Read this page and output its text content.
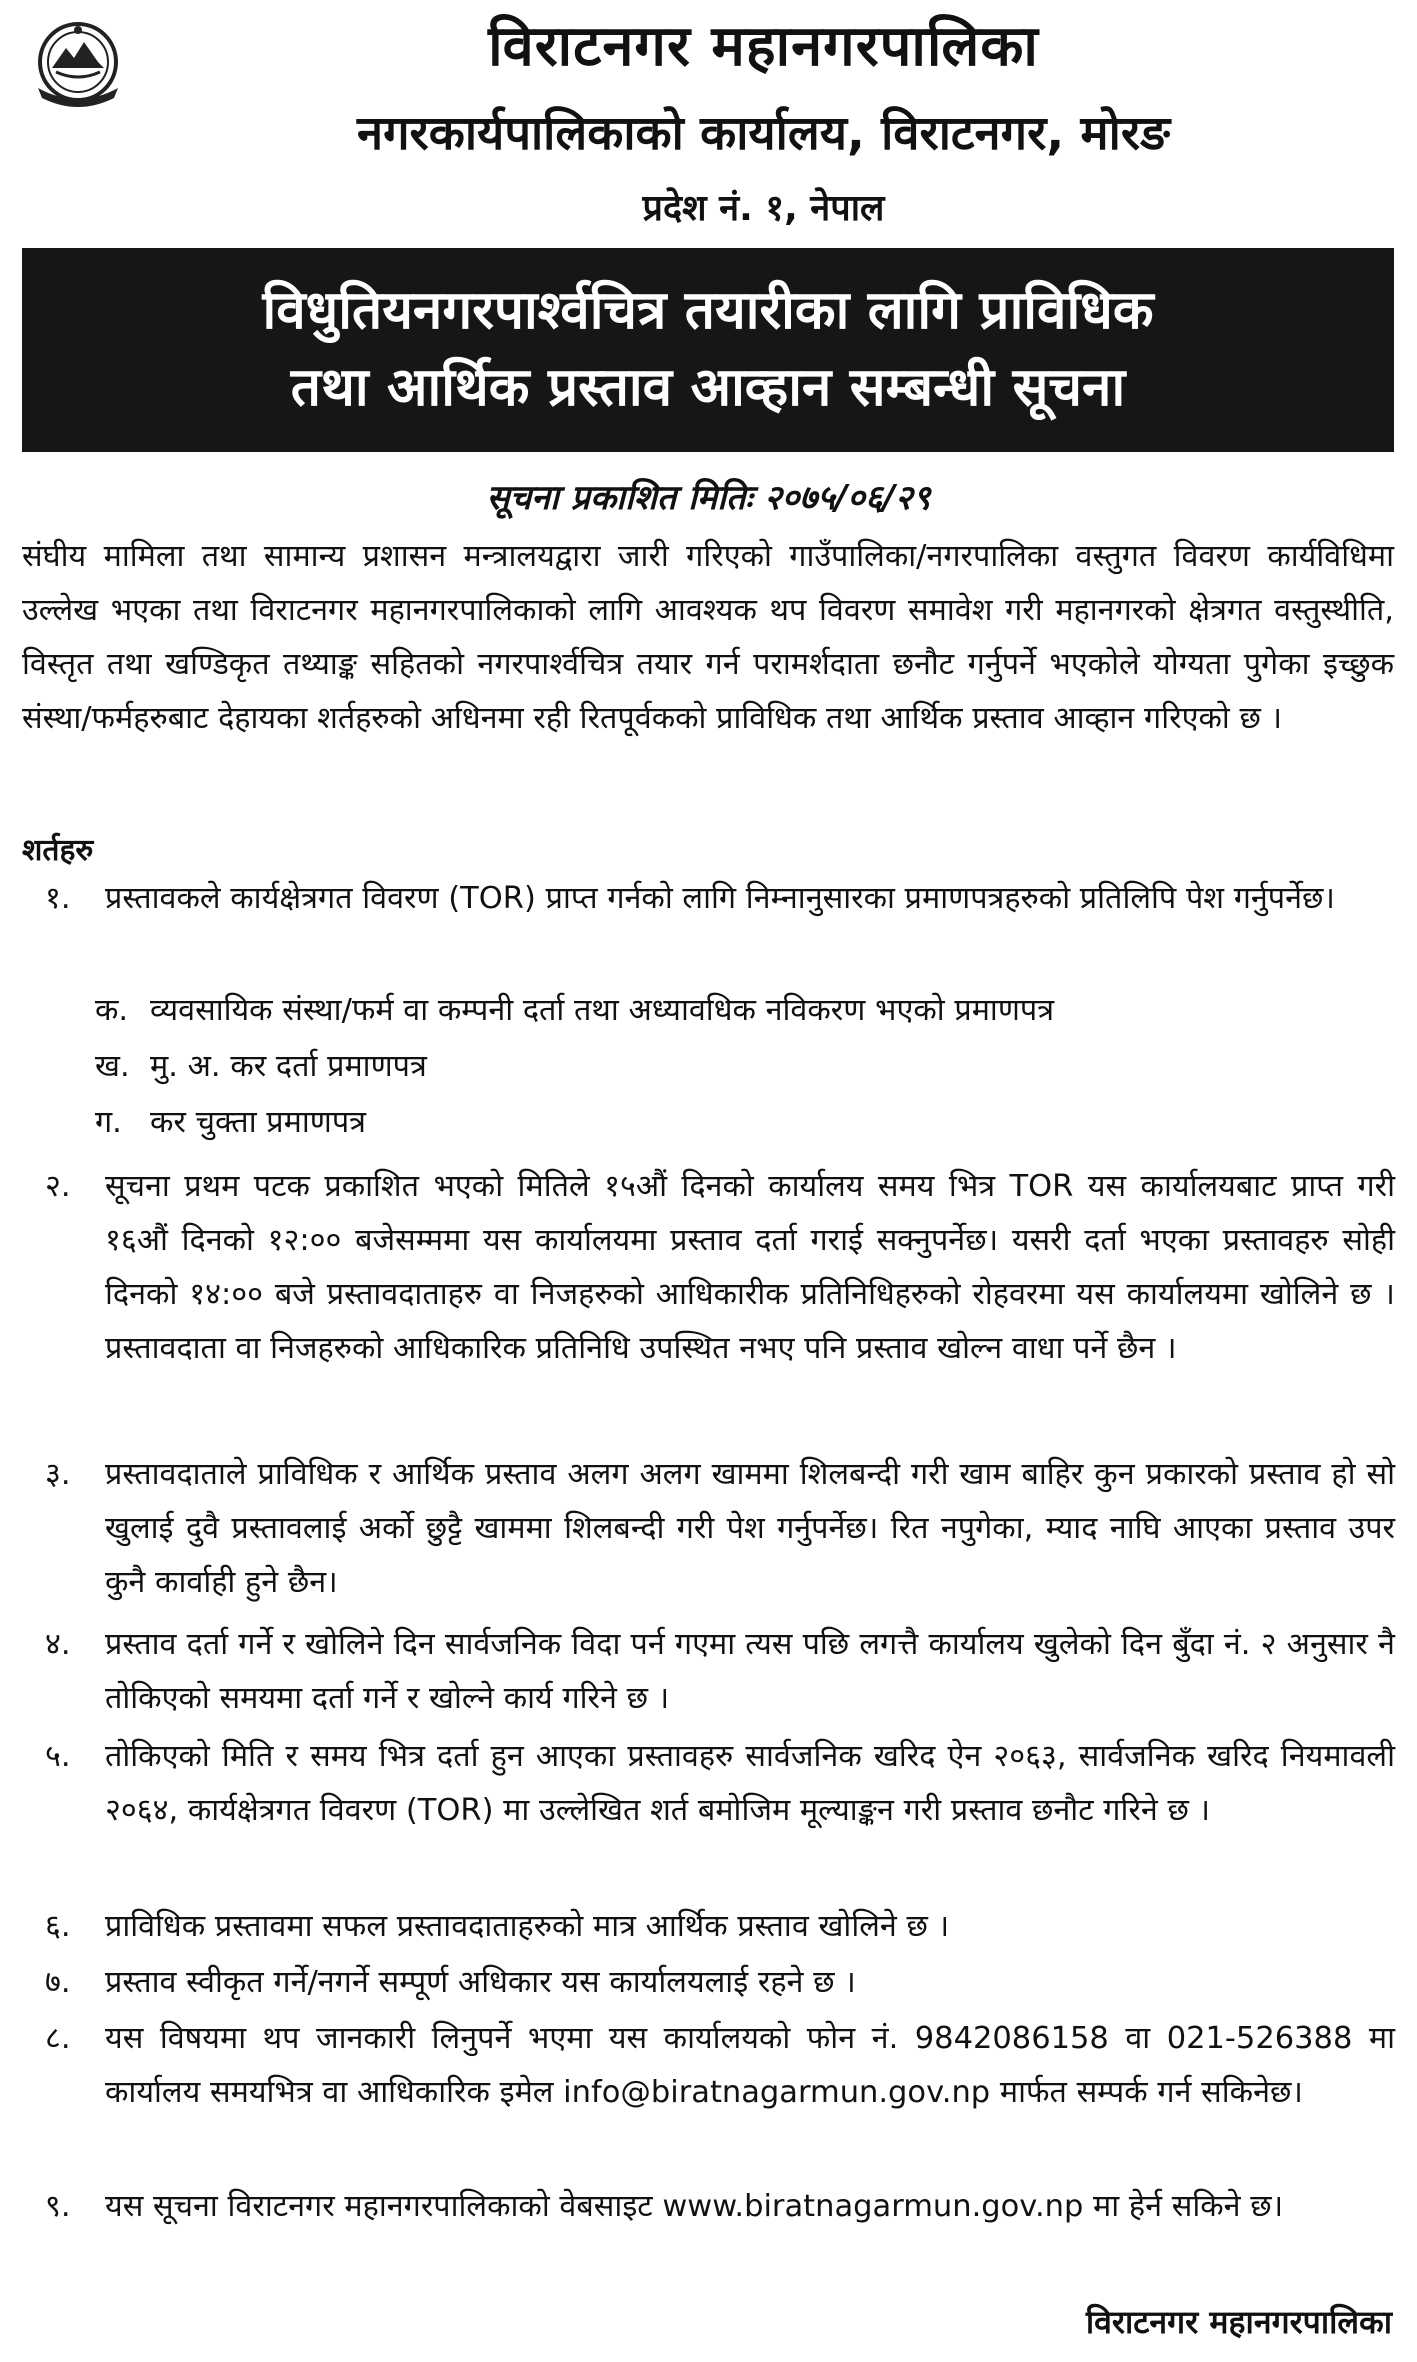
विराटनगर महानगरपालिका
नगरकार्यपालिकाको कार्यालय, विराटनगर, मोरङ
प्रदेश नं. १, नेपाल
विधुतियनगरपार्श्वचित्र तयारीका लागि प्राविधिक
तथा आर्थिक प्रस्ताव आव्हान सम्बन्धी सूचना
सूचना प्रकाशित मितिः २०७५/०६/२९
संघीय मामिला तथा सामान्य प्रशासन मन्त्रालयद्वारा जारी गरिएको गाउँपालिका/नगरपालिका वस्तुगत विवरण कार्यविधिमा उल्लेख भएका तथा विराटनगर महानगरपालिकाको लागि आवश्यक थप विवरण समावेश गरी महानगरको क्षेत्रगत वस्तुस्थीति, विस्तृत तथा खण्डिकृत तथ्याङ्क सहितको नगरपार्श्वचित्र तयार गर्न परामर्शदाता छनौट गर्नुपर्ने भएकोले योग्यता पुगेका इच्छुक संस्था/फर्महरुबाट देहायका शर्तहरुको अधिनमा रही रितपूर्वकको प्राविधिक तथा आर्थिक प्रस्ताव आव्हान गरिएको छ ।
शर्तहरु
१.	प्रस्तावकले कार्यक्षेत्रगत विवरण (TOR) प्राप्त गर्नको लागि निम्नानुसारका प्रमाणपत्रहरुको प्रतिलिपि पेश गर्नुपर्नेछ।
क. व्यवसायिक संस्था/फर्म वा कम्पनी दर्ता तथा अध्यावधिक नविकरण भएको प्रमाणपत्र
ख. मु. अ. कर दर्ता प्रमाणपत्र
ग. कर चुक्ता प्रमाणपत्र
२.	सूचना प्रथम पटक प्रकाशित भएको मितिले १५औं दिनको कार्यालय समय भित्र TOR यस कार्यालयबाट प्राप्त गरी १६औं दिनको १२:०० बजेसम्ममा यस कार्यालयमा प्रस्ताव दर्ता गराई सक्नुपर्नेछ। यसरी दर्ता भएका प्रस्तावहरु सोही दिनको १४:०० बजे प्रस्तावदाताहरु वा निजहरुको आधिकारीक प्रतिनिधिहरुको रोहवरमा यस कार्यालयमा खोलिने छ । प्रस्तावदाता वा निजहरुको आधिकारिक प्रतिनिधि उपस्थित नभए पनि प्रस्ताव खोल्न वाधा पर्ने छैन ।
३.	प्रस्तावदाताले प्राविधिक र आर्थिक प्रस्ताव अलग अलग खाममा शिलबन्दी गरी खाम बाहिर कुन प्रकारको प्रस्ताव हो सो खुलाई दुवै प्रस्तावलाई अर्को छुट्टै खाममा शिलबन्दी गरी पेश गर्नुपर्नेछ। रित नपुगेका, म्याद नाघि आएका प्रस्ताव उपर कुनै कार्वाही हुने छैन।
४.	प्रस्ताव दर्ता गर्ने र खोलिने दिन सार्वजनिक विदा पर्न गएमा त्यस पछि लगत्तै कार्यालय खुलेको दिन बुँदा नं. २ अनुसार नै तोकिएको समयमा दर्ता गर्ने र खोल्ने कार्य गरिने छ ।
५.	तोकिएको मिति र समय भित्र दर्ता हुन आएका प्रस्तावहरु सार्वजनिक खरिद ऐन २०६३, सार्वजनिक खरिद नियमावली २०६४, कार्यक्षेत्रगत विवरण (TOR) मा उल्लेखित शर्त बमोजिम मूल्याङ्कन गरी प्रस्ताव छनौट गरिने छ ।
६.	प्राविधिक प्रस्तावमा सफल प्रस्तावदाताहरुको मात्र आर्थिक प्रस्ताव खोलिने छ ।
७.	प्रस्ताव स्वीकृत गर्ने/नगर्ने सम्पूर्ण अधिकार यस कार्यालयलाई रहने छ ।
८.	यस विषयमा थप जानकारी लिनुपर्ने भएमा यस कार्यालयको फोन नं. 9842086158 वा 021-526388 मा कार्यालय समयभित्र वा आधिकारिक इमेल info@biratnagarmun.gov.np मार्फत सम्पर्क गर्न सकिनेछ।
९.	यस सूचना विराटनगर महानगरपालिकाको वेबसाइट www.biratnagarmun.gov.np मा हेर्न सकिने छ।
विराटनगर महानगरपालिका
